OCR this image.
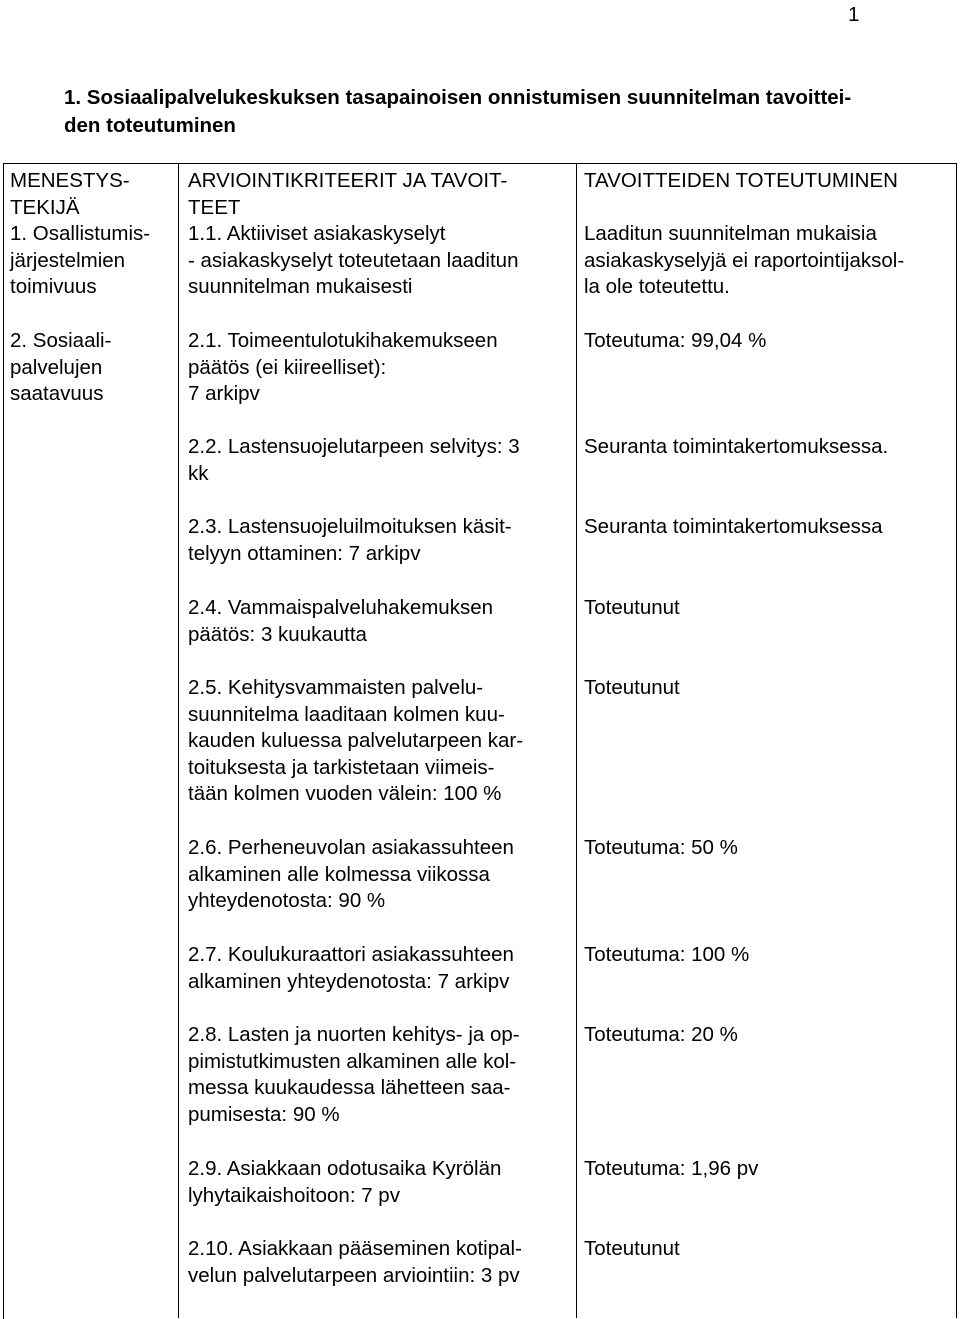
1
1. Sosiaalipalvelukeskuksen tasapainoisen onnistumisen suunnitelman tavoittei-
den toteutuminen
MENESTYS-
TEKIJÄ
ARVIOINTIKRITEERIT JA TAVOIT-
TEET
TAVOITTEIDEN TOTEUTUMINEN
1. Osallistumis-
järjestelmien
toimivuus
1.1. Aktiiviset asiakaskyselyt
- asiakaskyselyt toteutetaan laaditun
suunnitelman mukaisesti
Laaditun suunnitelman mukaisia
asiakaskyselyjä ei raportointijaksol-
la ole toteutettu.
2. Sosiaali-
palvelujen
saatavuus
2.1. Toimeentulotukihakemukseen
päätös (ei kiireelliset):
7 arkipv
Toteutuma: 99,04 %
2.2. Lastensuojelutarpeen selvitys: 3
kk
Seuranta toimintakertomuksessa.
2.3. Lastensuojeluilmoituksen käsit-
telyyn ottaminen: 7 arkipv
Seuranta toimintakertomuksessa
2.4. Vammaispalveluhakemuksen
päätös: 3 kuukautta
Toteutunut
2.5. Kehitysvammaisten palvelu-
suunnitelma laaditaan kolmen kuu-
kauden kuluessa palvelutarpeen kar-
toituksesta ja tarkistetaan viimeis-
tään kolmen vuoden välein: 100 %
Toteutunut
2.6. Perheneuvolan asiakassuhteen
alkaminen alle kolmessa viikossa
yhteydenotosta: 90 %
Toteutuma: 50 %
2.7. Koulukuraattori asiakassuhteen
alkaminen yhteydenotosta: 7 arkipv
Toteutuma: 100 %
2.8. Lasten ja nuorten kehitys- ja op-
pimistutkimusten alkaminen alle kol-
messa kuukaudessa lähetteen saa-
pumisesta: 90 %
Toteutuma: 20 %
2.9. Asiakkaan odotusaika Kyrölän
lyhytaikaishoitoon: 7 pv
Toteutuma: 1,96 pv
2.10. Asiakkaan pääseminen kotipal-
velun palvelutarpeen arviointiin: 3 pv
Toteutunut
